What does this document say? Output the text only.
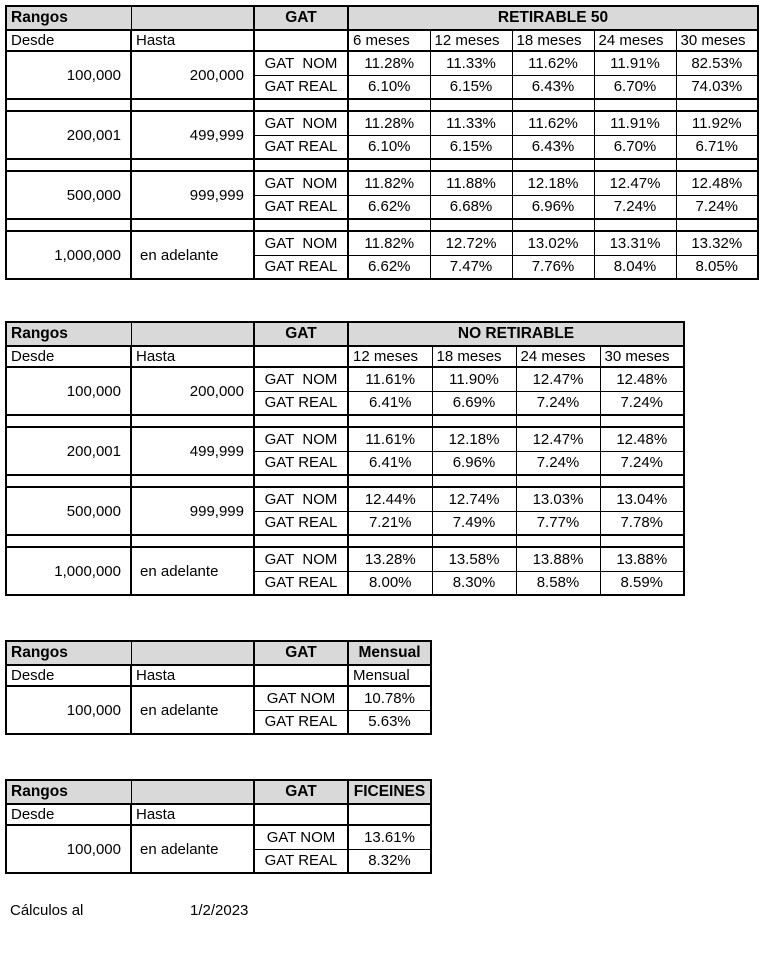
Rangos		GAT	RETIRABLE 50				
Desde	Hasta		6 meses	12 meses	18 meses	24 meses	30 meses
100,000	200,000	GAT  NOM	11.28%	11.33%	11.62%	11.91%	82.53%
		GAT REAL	6.10%	6.15%	6.43%	6.70%	74.03%

200,001	499,999	GAT  NOM	11.28%	11.33%	11.62%	11.91%	11.92%
		GAT REAL	6.10%	6.15%	6.43%	6.70%	6.71%

500,000	999,999	GAT  NOM	11.82%	11.88%	12.18%	12.47%	12.48%
		GAT REAL	6.62%	6.68%	6.96%	7.24%	7.24%

1,000,000	en adelante	GAT  NOM	11.82%	12.72%	13.02%	13.31%	13.32%
		GAT REAL	6.62%	7.47%	7.76%	8.04%	8.05%
Rangos		GAT	NO RETIRABLE			
Desde	Hasta		12 meses	18 meses	24 meses	30 meses
100,000	200,000	GAT  NOM	11.61%	11.90%	12.47%	12.48%
		GAT REAL	6.41%	6.69%	7.24%	7.24%

200,001	499,999	GAT  NOM	11.61%	12.18%	12.47%	12.48%
		GAT REAL	6.41%	6.96%	7.24%	7.24%

500,000	999,999	GAT  NOM	12.44%	12.74%	13.03%	13.04%
		GAT REAL	7.21%	7.49%	7.77%	7.78%

1,000,000	en adelante	GAT  NOM	13.28%	13.58%	13.88%	13.88%
		GAT REAL	8.00%	8.30%	8.58%	8.59%
Rangos		GAT	Mensual
Desde	Hasta		Mensual
100,000	en adelante	GAT NOM	10.78%
		GAT REAL	5.63%
Rangos		GAT	FICEINES
Desde	Hasta		
100,000	en adelante	GAT NOM	13.61%
		GAT REAL	8.32%
Cálculos al	1/2/2023
